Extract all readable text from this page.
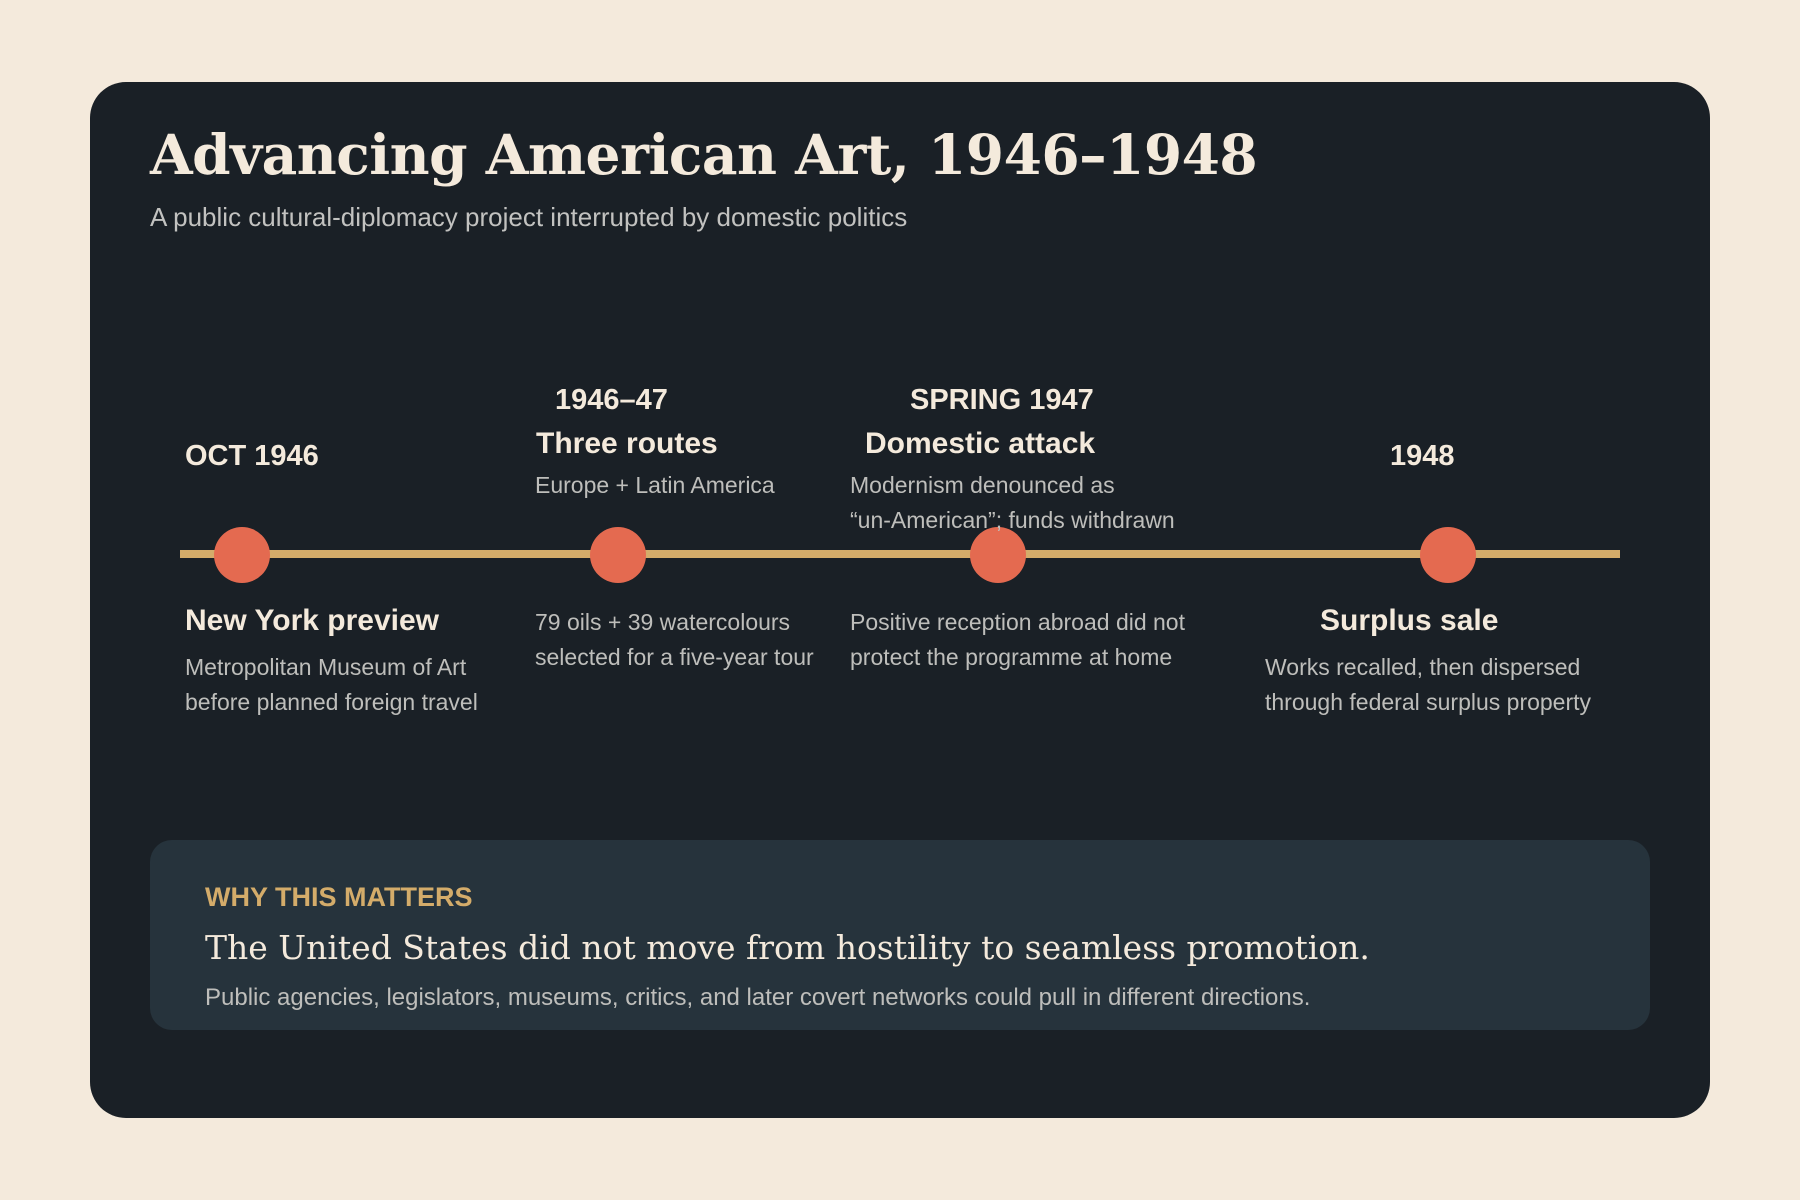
Advancing American Art, 1946–1948

A public cultural-diplomacy project interrupted by domestic politics

OCT 1946

New York preview

Metropolitan Museum of Art

before planned foreign travel

1946–47

Three routes

Europe + Latin America

79 oils + 39 watercolours

selected for a five-year tour

SPRING 1947

Domestic attack

Modernism denounced as

“un-American”; funds withdrawn

Positive reception abroad did not

protect the programme at home

1948

Surplus sale

Works recalled, then dispersed

through federal surplus property

WHY THIS MATTERS

The United States did not move from hostility to seamless promotion.

Public agencies, legislators, museums, critics, and later covert networks could pull in different directions.
